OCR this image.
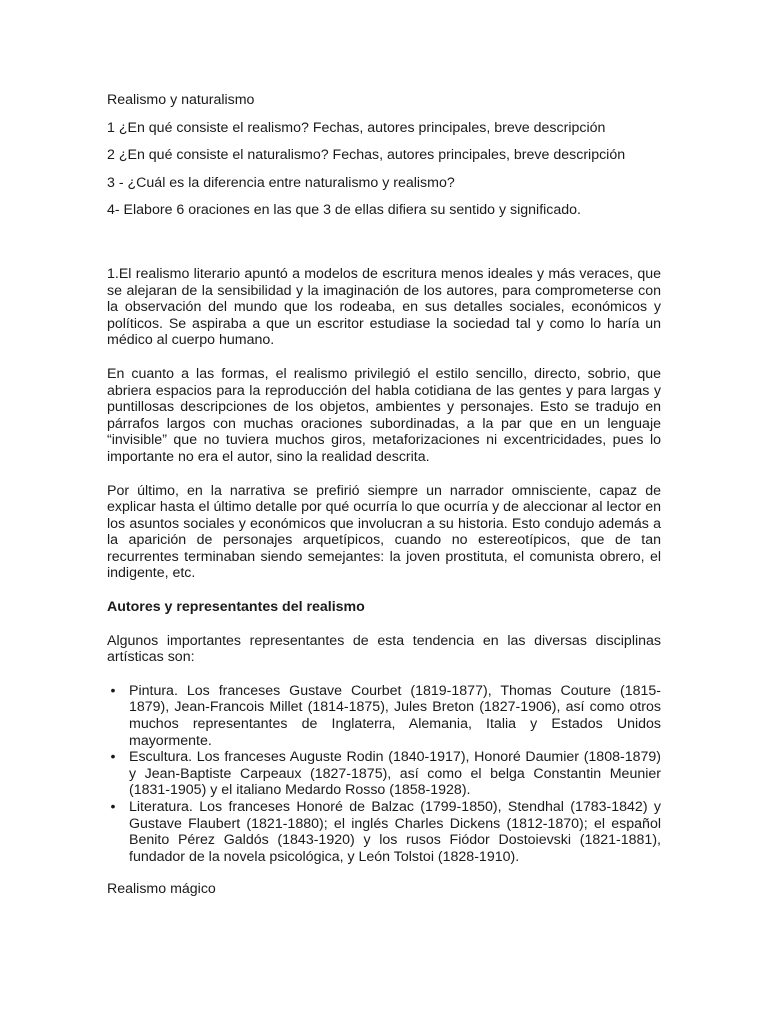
Realismo y naturalismo

1 ¿En qué consiste el realismo? Fechas, autores principales, breve descripción

2 ¿En qué consiste el naturalismo? Fechas, autores principales, breve descripción

3 - ¿Cuál es la diferencia entre naturalismo y realismo?

4- Elabore 6 oraciones en las que 3 de ellas difiera su sentido y significado.

1.El realismo literario apuntó a modelos de escritura menos ideales y más veraces, que se alejaran de la sensibilidad y la imaginación de los autores, para comprometerse con la observación del mundo que los rodeaba, en sus detalles sociales, económicos y políticos. Se aspiraba a que un escritor estudiase la sociedad tal y como lo haría un médico al cuerpo humano.

En cuanto a las formas, el realismo privilegió el estilo sencillo, directo, sobrio, que abriera espacios para la reproducción del habla cotidiana de las gentes y para largas y puntillosas descripciones de los objetos, ambientes y personajes. Esto se tradujo en párrafos largos con muchas oraciones subordinadas, a la par que en un lenguaje “invisible” que no tuviera muchos giros, metaforizaciones ni excentricidades, pues lo importante no era el autor, sino la realidad descrita.

Por último, en la narrativa se prefirió siempre un narrador omnisciente, capaz de explicar hasta el último detalle por qué ocurría lo que ocurría y de aleccionar al lector en los asuntos sociales y económicos que involucran a su historia. Esto condujo además a la aparición de personajes arquetípicos, cuando no estereotípicos, que de tan recurrentes terminaban siendo semejantes: la joven prostituta, el comunista obrero, el indigente, etc.

Autores y representantes del realismo

Algunos importantes representantes de esta tendencia en las diversas disciplinas artísticas son:

• Pintura. Los franceses Gustave Courbet (1819-1877), Thomas Couture (1815-1879), Jean-Francois Millet (1814-1875), Jules Breton (1827-1906), así como otros muchos representantes de Inglaterra, Alemania, Italia y Estados Unidos mayormente.
• Escultura. Los franceses Auguste Rodin (1840-1917), Honoré Daumier (1808-1879) y Jean-Baptiste Carpeaux (1827-1875), así como el belga Constantin Meunier (1831-1905) y el italiano Medardo Rosso (1858-1928).
• Literatura. Los franceses Honoré de Balzac (1799-1850), Stendhal (1783-1842) y Gustave Flaubert (1821-1880); el inglés Charles Dickens (1812-1870); el español Benito Pérez Galdós (1843-1920) y los rusos Fiódor Dostoievski (1821-1881), fundador de la novela psicológica, y León Tolstoi (1828-1910).

Realismo mágico
